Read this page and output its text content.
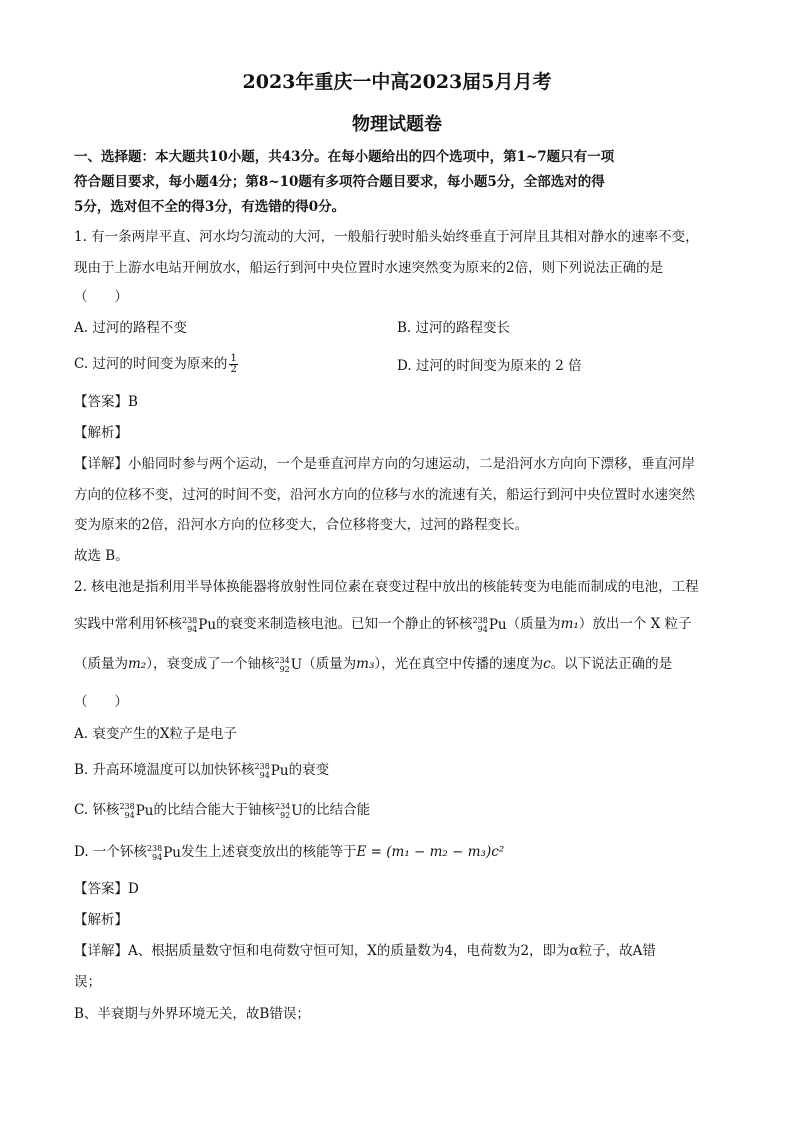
2023年重庆一中高2023届5月月考
物理试题卷
一、选择题：本大题共10小题，共43分。在每小题给出的四个选项中，第1~7题只有一项
符合题目要求，每小题4分；第8~10题有多项符合题目要求，每小题5分，全部选对的得
5分，选对但不全的得3分，有选错的得0分。
1. 有一条两岸平直、河水均匀流动的大河，一般船行驶时船头始终垂直于河岸且其相对静水的速率不变，
现由于上游水电站开闸放水，船运行到河中央位置时水速突然变为原来的2倍，则下列说法正确的是
（　　）
A. 过河的路程不变	B. 过河的路程变长
C. 过河的时间变为原来的 $\frac{1}{2}$	D. 过河的时间变为原来的 2 倍
【答案】B
【解析】
【详解】小船同时参与两个运动，一个是垂直河岸方向的匀速运动，二是沿河水方向向下漂移，垂直河岸
方向的位移不变，过河的时间不变，沿河水方向的位移与水的流速有关，船运行到河中央位置时水速突然
变为原来的2倍，沿河水方向的位移变大，合位移将变大，过河的路程变长。
故选 B。
2. 核电池是指利用半导体换能器将放射性同位素在衰变过程中放出的核能转变为电能而制成的电池，工程
实践中常利用钚核 238
94 Pu 的衰变来制造核电池。已知一个静止的钚核 238
94 Pu （质量为m₁）放出一个 X 粒子
（质量为m₂），衰变成了一个铀核 234
92 U （质量为m₃），光在真空中传播的速度为c。以下说法正确的是
（　　）
A. 衰变产生的X粒子是电子
B. 升高环境温度可以加快钚核 238
94 Pu 的衰变
C. 钚核 238
94 Pu 的比结合能大于铀核 234
92 U 的比结合能
D. 一个钚核 238
94 Pu 发生上述衰变放出的核能等于E = (m₁ − m₂ − m₃)c²
【答案】D
【解析】
【详解】A、根据质量数守恒和电荷数守恒可知，X的质量数为4，电荷数为2，即为α粒子，故A错
误；
B、半衰期与外界环境无关，故B错误；
